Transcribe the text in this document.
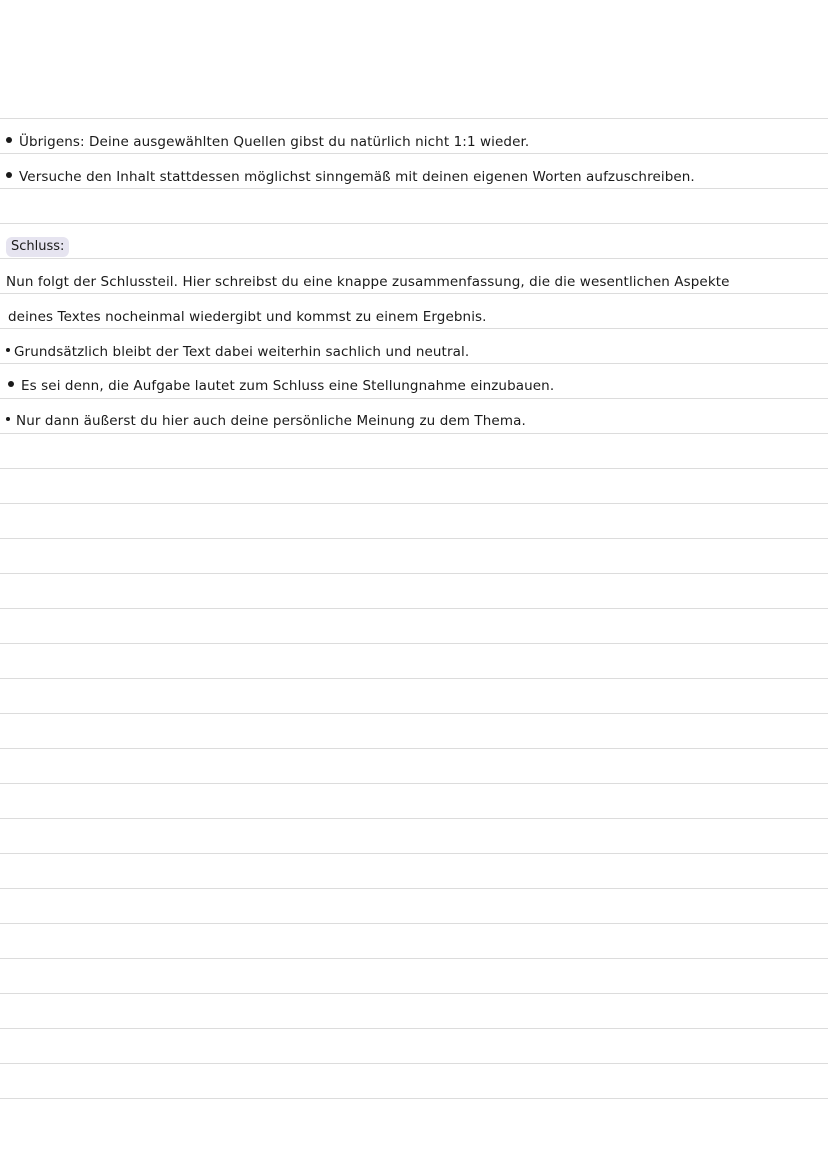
Übrigens: Deine ausgewählten Quellen gibst du natürlich nicht 1:1 wieder.
Versuche den Inhalt stattdessen möglichst sinngemäß mit deinen eigenen Worten aufzuschreiben.
Schluss:
Nun folgt der Schlussteil. Hier schreibst du eine knappe zusammenfassung, die die wesentlichen Aspekte
deines Textes nocheinmal wiedergibt und kommst zu einem Ergebnis.
Grundsätzlich bleibt der Text dabei weiterhin sachlich und neutral.
Es sei denn, die Aufgabe lautet zum Schluss eine Stellungnahme einzubauen.
Nur dann äußerst du hier auch deine persönliche Meinung zu dem Thema.
